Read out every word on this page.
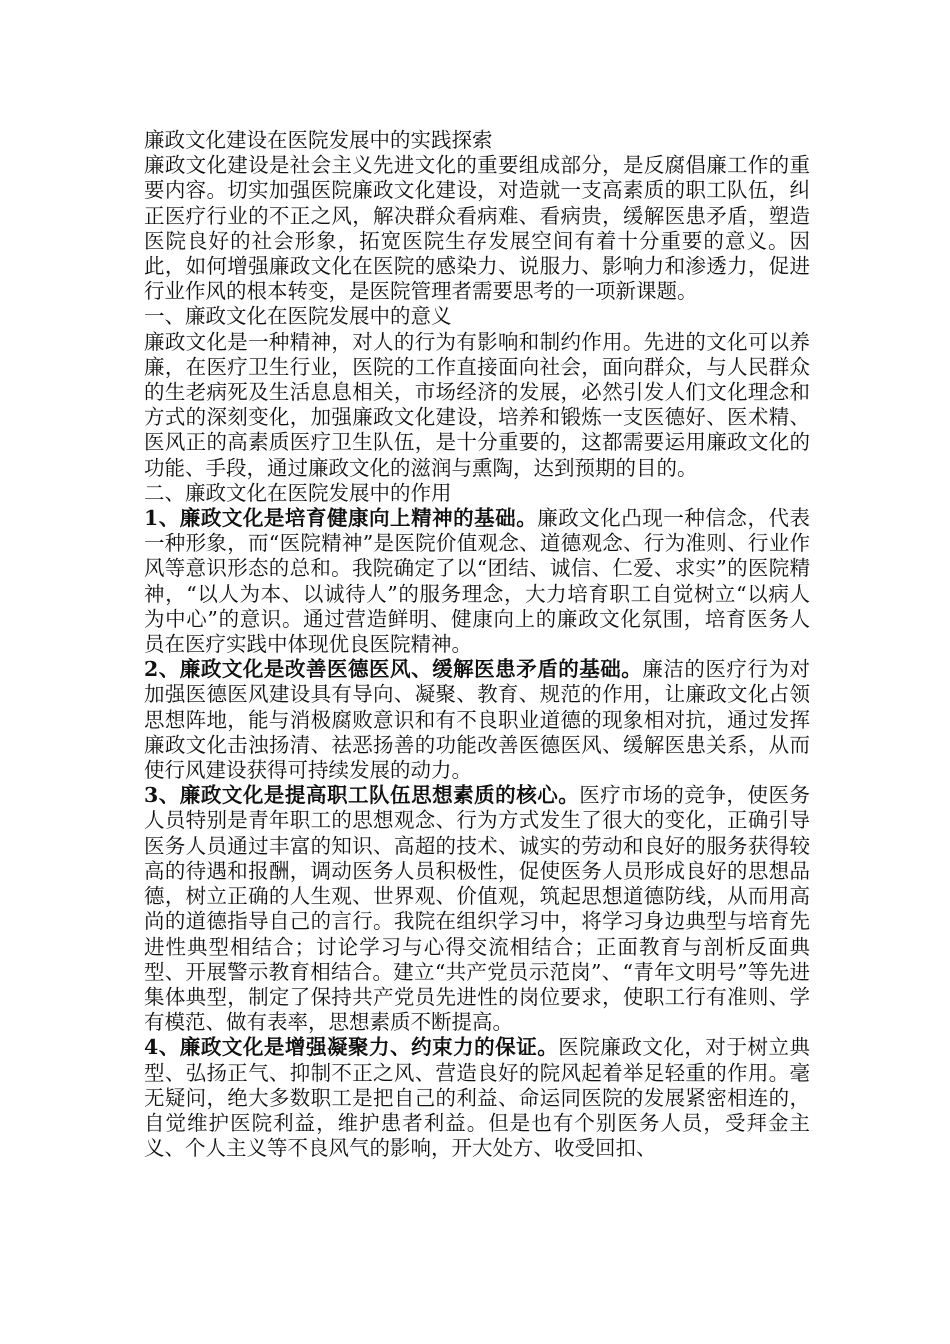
廉政文化建设在医院发展中的实践探索

廉政文化建设是社会主义先进文化的重要组成部分，是反腐倡廉工作的重要内容。切实加强医院廉政文化建设，对造就一支高素质的职工队伍，纠正医疗行业的不正之风，解决群众看病难、看病贵，缓解医患矛盾，塑造医院良好的社会形象，拓宽医院生存发展空间有着十分重要的意义。因此，如何增强廉政文化在医院的感染力、说服力、影响力和渗透力，促进行业作风的根本转变，是医院管理者需要思考的一项新课题。

一、廉政文化在医院发展中的意义

廉政文化是一种精神，对人的行为有影响和制约作用。先进的文化可以养廉，在医疗卫生行业，医院的工作直接面向社会，面向群众，与人民群众的生老病死及生活息息相关，市场经济的发展，必然引发人们文化理念和方式的深刻变化，加强廉政文化建设，培养和锻炼一支医德好、医术精、医风正的高素质医疗卫生队伍，是十分重要的，这都需要运用廉政文化的功能、手段，通过廉政文化的滋润与熏陶，达到预期的目的。

二、廉政文化在医院发展中的作用

1、廉政文化是培育健康向上精神的基础。廉政文化凸现一种信念，代表一种形象，而“医院精神”是医院价值观念、道德观念、行为准则、行业作风等意识形态的总和。我院确定了以“团结、诚信、仁爱、求实”的医院精神，“以人为本、以诚待人”的服务理念，大力培育职工自觉树立“以病人为中心”的意识。通过营造鲜明、健康向上的廉政文化氛围，培育医务人员在医疗实践中体现优良医院精神。

2、廉政文化是改善医德医风、缓解医患矛盾的基础。廉洁的医疗行为对加强医德医风建设具有导向、凝聚、教育、规范的作用，让廉政文化占领思想阵地，能与消极腐败意识和有不良职业道德的现象相对抗，通过发挥廉政文化击浊扬清、祛恶扬善的功能改善医德医风、缓解医患关系，从而使行风建设获得可持续发展的动力。

3、廉政文化是提高职工队伍思想素质的核心。医疗市场的竞争，使医务人员特别是青年职工的思想观念、行为方式发生了很大的变化，正确引导医务人员通过丰富的知识、高超的技术、诚实的劳动和良好的服务获得较高的待遇和报酬，调动医务人员积极性，促使医务人员形成良好的思想品德，树立正确的人生观、世界观、价值观，筑起思想道德防线，从而用高尚的道德指导自己的言行。我院在组织学习中，将学习身边典型与培育先进性典型相结合；讨论学习与心得交流相结合；正面教育与剖析反面典型、开展警示教育相结合。建立“共产党员示范岗”、“青年文明号”等先进集体典型，制定了保持共产党员先进性的岗位要求，使职工行有准则、学有模范、做有表率，思想素质不断提高。

4、廉政文化是增强凝聚力、约束力的保证。医院廉政文化，对于树立典型、弘扬正气、抑制不正之风、营造良好的院风起着举足轻重的作用。毫无疑问，绝大多数职工是把自己的利益、命运同医院的发展紧密相连的，自觉维护医院利益，维护患者利益。但是也有个别医务人员，受拜金主义、个人主义等不良风气的影响，开大处方、收受回扣、
